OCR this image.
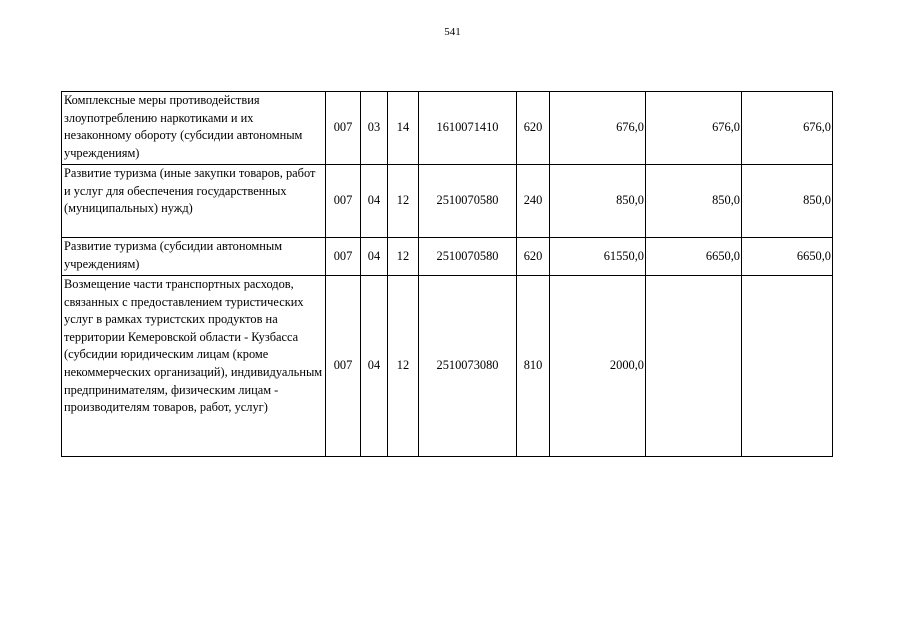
541
Комплексные меры противодействия злоупотреблению наркотиками и их незаконному обороту (субсидии автономным учреждениям)	007	03	14	1610071410	620	676,0	676,0	676,0
Развитие туризма (иные закупки товаров, работ и услуг для обеспечения государственных (муниципальных) нужд)	007	04	12	2510070580	240	850,0	850,0	850,0
Развитие туризма (субсидии автономным учреждениям)	007	04	12	2510070580	620	61550,0	6650,0	6650,0
Возмещение части транспортных расходов, связанных с предоставлением туристических услуг в рамках туристских продуктов на территории Кемеровской области - Кузбасса (субсидии юридическим лицам (кроме некоммерческих организаций), индивидуальным предпринимателям, физическим лицам - производителям товаров, работ, услуг)	007	04	12	2510073080	810	2000,0		
